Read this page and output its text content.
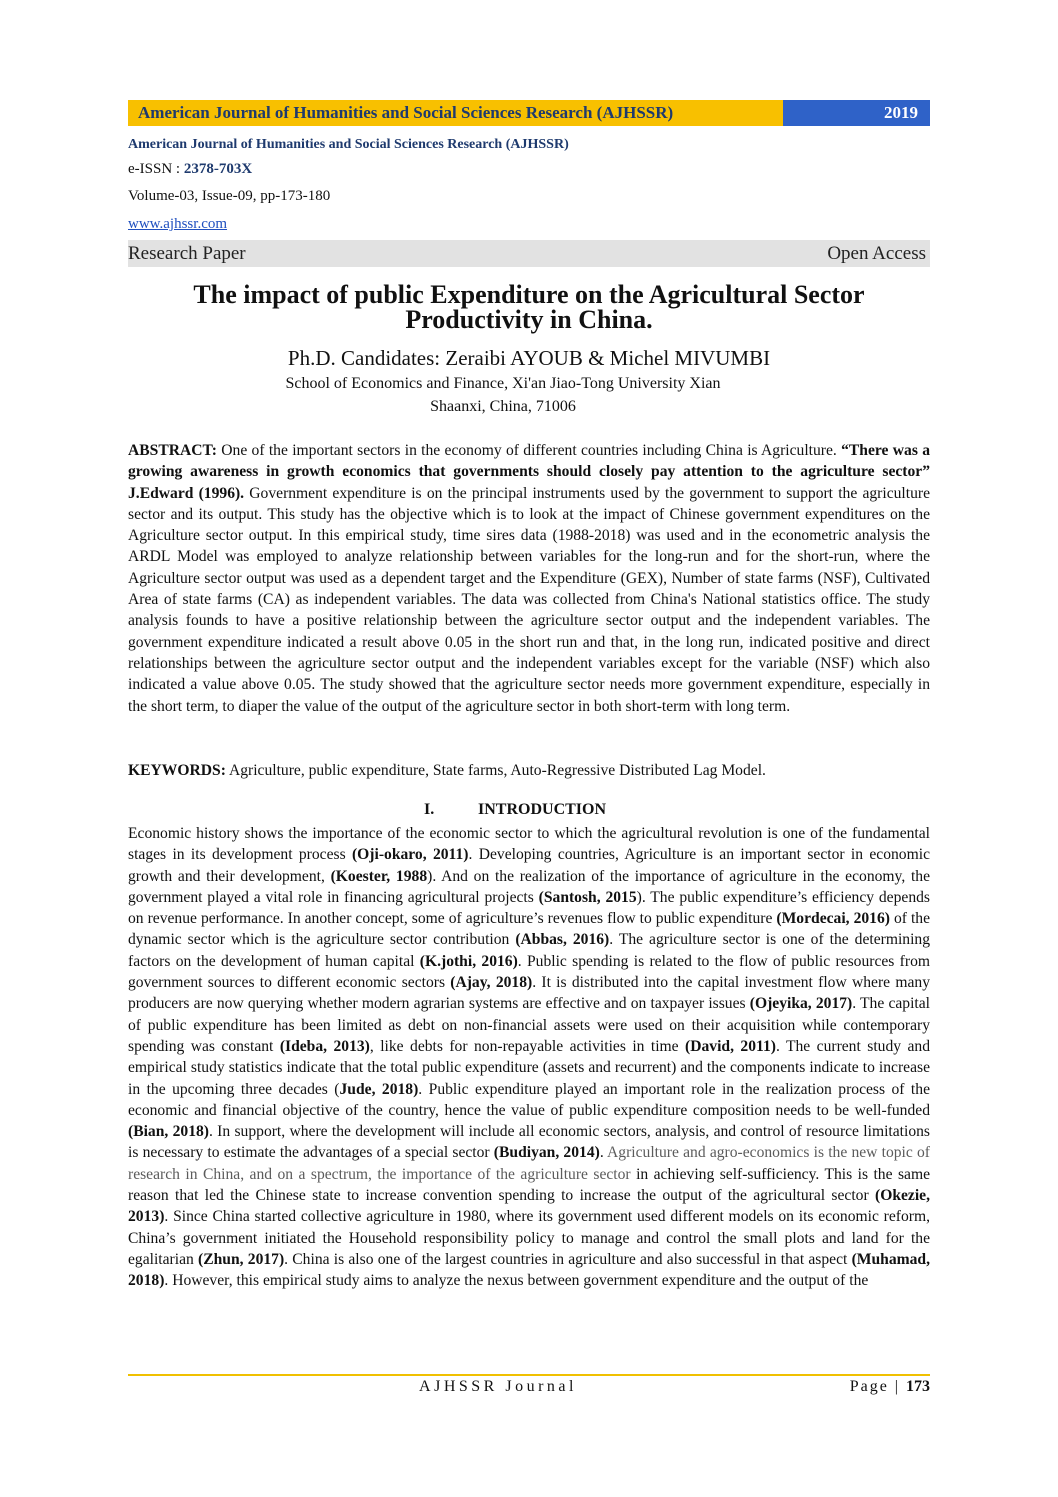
American Journal of Humanities and Social Sciences Research (AJHSSR)	2019
American Journal of Humanities and Social Sciences Research (AJHSSR)
e-ISSN : 2378-703X
Volume-03, Issue-09, pp-173-180
www.ajhssr.com
Research Paper	Open Access
The impact of public Expenditure on the Agricultural Sector
Productivity in China.
Ph.D. Candidates: Zeraibi AYOUB & Michel MIVUMBI
School of Economics and Finance, Xi'an Jiao-Tong University Xian
Shaanxi, China, 71006
ABSTRACT: One of the important sectors in the economy of different countries including China is Agriculture. “There was a growing awareness in growth economics that governments should closely pay attention to the agriculture sector” J.Edward (1996). Government expenditure is on the principal instruments used by the government to support the agriculture sector and its output. This study has the objective which is to look at the impact of Chinese government expenditures on the Agriculture sector output. In this empirical study, time sires data (1988-2018) was used and in the econometric analysis the ARDL Model was employed to analyze relationship between variables for the long-run and for the short-run, where the Agriculture sector output was used as a dependent target and the Expenditure (GEX), Number of state farms (NSF), Cultivated Area of state farms (CA) as independent variables. The data was collected from China's National statistics office. The study analysis founds to have a positive relationship between the agriculture sector output and the independent variables. The government expenditure indicated a result above 0.05 in the short run and that, in the long run, indicated positive and direct relationships between the agriculture sector output and the independent variables except for the variable (NSF) which also indicated a value above 0.05. The study showed that the agriculture sector needs more government expenditure, especially in the short term, to diaper the value of the output of the agriculture sector in both short-term with long term.
KEYWORDS: Agriculture, public expenditure, State farms, Auto-Regressive Distributed Lag Model.
I.	INTRODUCTION
Economic history shows the importance of the economic sector to which the agricultural revolution is one of the fundamental stages in its development process (Oji-okaro, 2011). Developing countries, Agriculture is an important sector in economic growth and their development, (Koester, 1988). And on the realization of the importance of agriculture in the economy, the government played a vital role in financing agricultural projects (Santosh, 2015). The public expenditure’s efficiency depends on revenue performance. In another concept, some of agriculture’s revenues flow to public expenditure (Mordecai, 2016) of the dynamic sector which is the agriculture sector contribution (Abbas, 2016). The agriculture sector is one of the determining factors on the development of human capital (K.jothi, 2016). Public spending is related to the flow of public resources from government sources to different economic sectors (Ajay, 2018). It is distributed into the capital investment flow where many producers are now querying whether modern agrarian systems are effective and on taxpayer issues (Ojeyika, 2017). The capital of public expenditure has been limited as debt on non-financial assets were used on their acquisition while contemporary spending was constant (Ideba, 2013), like debts for non-repayable activities in time (David, 2011). The current study and empirical study statistics indicate that the total public expenditure (assets and recurrent) and the components indicate to increase in the upcoming three decades (Jude, 2018). Public expenditure played an important role in the realization process of the economic and financial objective of the country, hence the value of public expenditure composition needs to be well-funded (Bian, 2018). In support, where the development will include all economic sectors, analysis, and control of resource limitations is necessary to estimate the advantages of a special sector (Budiyan, 2014). Agriculture and agro-economics is the new topic of research in China, and on a spectrum, the importance of the agriculture sector in achieving self-sufficiency. This is the same reason that led the Chinese state to increase convention spending to increase the output of the agricultural sector (Okezie, 2013). Since China started collective agriculture in 1980, where its government used different models on its economic reform, China’s government initiated the Household responsibility policy to manage and control the small plots and land for the egalitarian (Zhun, 2017). China is also one of the largest countries in agriculture and also successful in that aspect (Muhamad, 2018). However, this empirical study aims to analyze the nexus between government expenditure and the output of the
AJHSSR Journal	Page | 173
